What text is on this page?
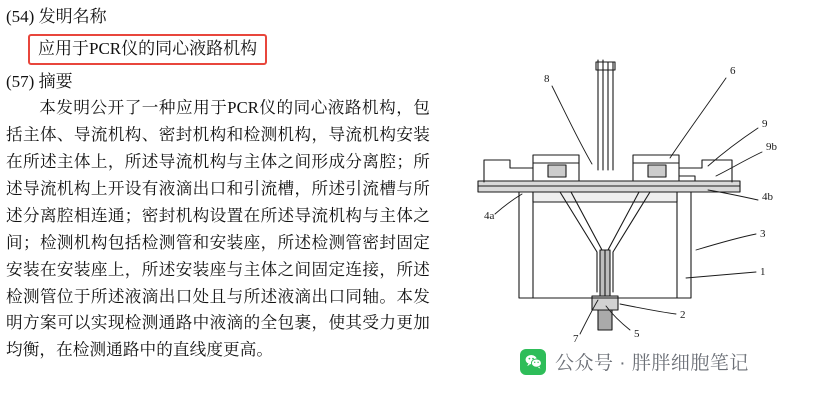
(54) 发明名称
应用于PCR仪的同心液路机构
(57) 摘要

本发明公开了一种应用于PCR仪的同心液路机构，包括主体、导流机构、密封机构和检测机构，导流机构安装在所述主体上，所述导流机构与主体之间形成分离腔；所述导流机构上开设有液滴出口和引流槽，所述引流槽与所述分离腔相连通；密封机构设置在所述导流机构与主体之间；检测机构包括检测管和安装座，所述检测管密封固定安装在安装座上，所述安装座与主体之间固定连接，所述检测管位于所述液滴出口处且与所述液滴出口同轴。本发明方案可以实现检测通路中液滴的全包裹，使其受力更加均衡，在检测通路中的直线度更高。

8
6
9
9b
4a
4b
3
1
2
7	5
公众号 · 胖胖细胞笔记
